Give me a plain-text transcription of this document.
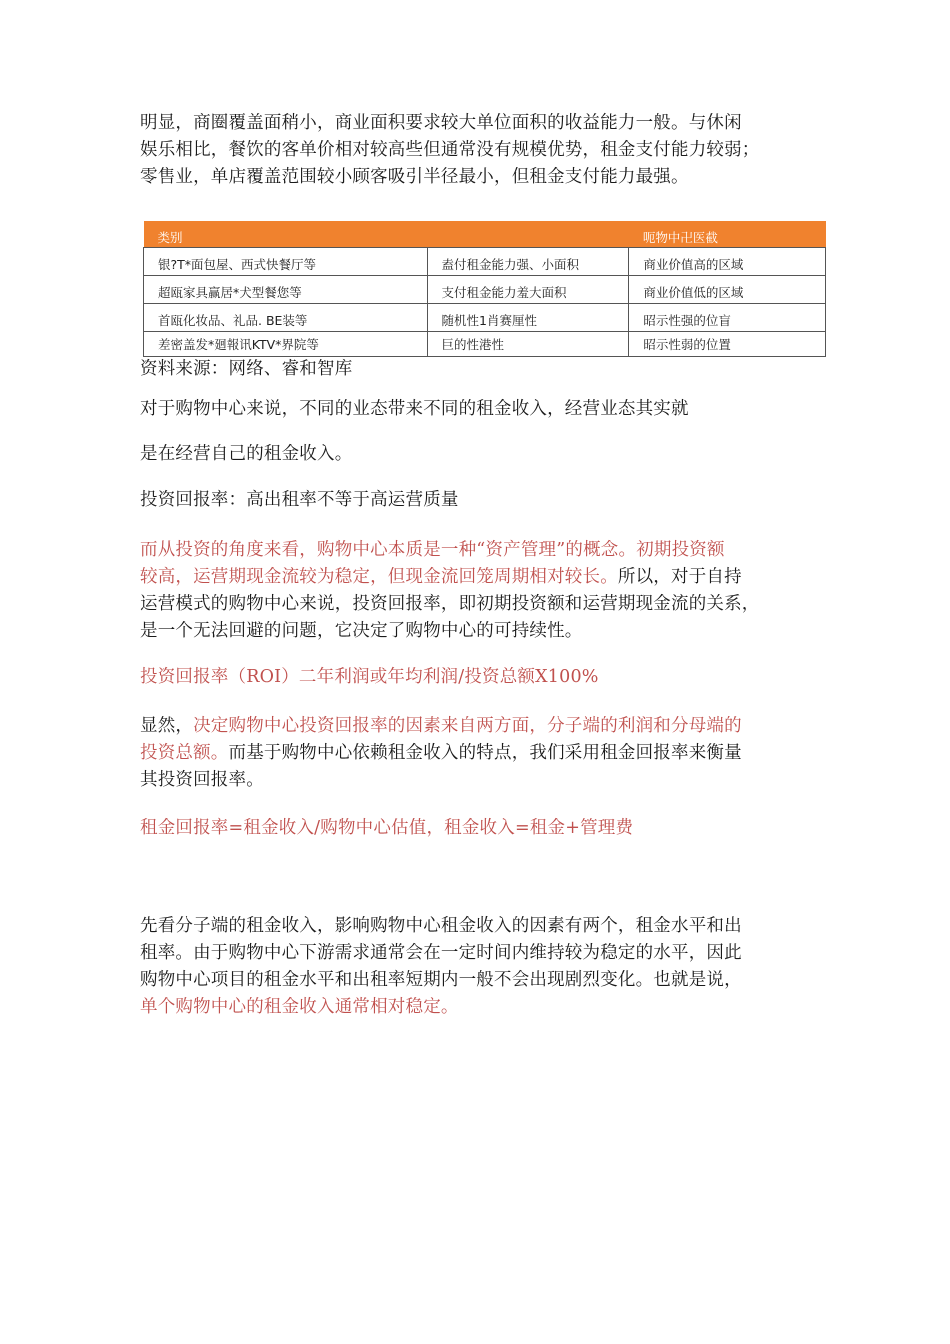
明显，商圈覆盖面稍小，商业面积要求较大单位面积的收益能力一般。与休闲
娱乐相比，餐饮的客单价相对较高些但通常没有规模优势，租金支付能力较弱；
零售业，单店覆盖范围较小顾客吸引半径最小，但租金支付能力最强。
类别		呃物中卍医截
银?T*面包屋、西式快餐厅等	盍付租金能力强、小面积	商业价值高的区域
超瓯家具赢居*犬型餐您等	支付租金能力羞大面积	商业价值低的区域
首瓯化妆品、礼品. BE装等	随机性1肖赛厘性	昭示性强的位盲
差密盖发*廻報讯KTV*界院等	巨的性港性	昭示性弱的位置
资料来源：网络、睿和智库
对于购物中心来说，不同的业态带来不同的租金收入，经营业态其实就
是在经营自己的租金收入。
投资回报率：高出租率不等于高运营质量
而从投资的角度来看，购物中心本质是一种“资产管理”的概念。初期投资额
较高，运营期现金流较为稳定，但现金流回笼周期相对较长。所以，对于自持
运营模式的购物中心来说，投资回报率，即初期投资额和运营期现金流的关系，
是一个无法回避的问题，它决定了购物中心的可持续性。
投资回报率（ROI）二年利润或年均利润/投资总额X100%
显然，决定购物中心投资回报率的因素来自两方面，分子端的利润和分母端的
投资总额。而基于购物中心依赖租金收入的特点，我们采用租金回报率来衡量
其投资回报率。
租金回报率=租金收入/购物中心估值，租金收入=租金+管理费
先看分子端的租金收入，影响购物中心租金收入的因素有两个，租金水平和出
租率。由于购物中心下游需求通常会在一定时间内维持较为稳定的水平，因此
购物中心项目的租金水平和出租率短期内一般不会出现剧烈变化。也就是说，
单个购物中心的租金收入通常相对稳定。
